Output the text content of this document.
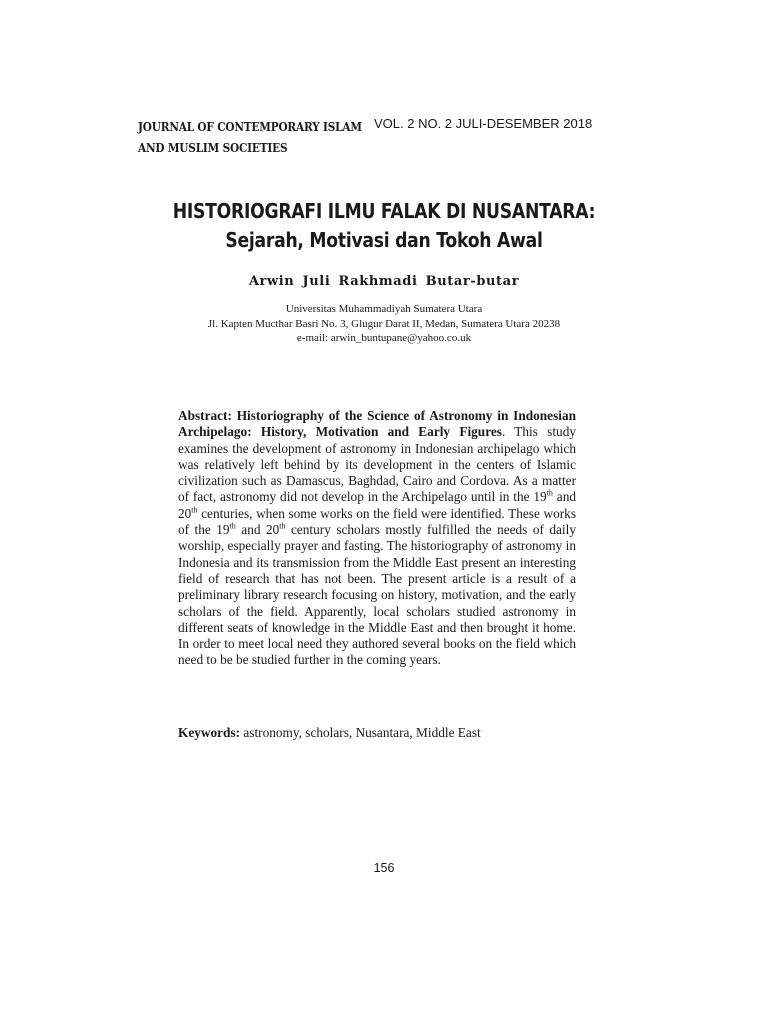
JOURNAL OF CONTEMPORARY ISLAM
AND MUSLIM SOCIETIES
VOL. 2 NO. 2 JULI-DESEMBER 2018
HISTORIOGRAFI ILMU FALAK DI NUSANTARA:
Sejarah, Motivasi dan Tokoh Awal
Arwin Juli Rakhmadi Butar-butar
Universitas Muhammadiyah Sumatera Utara
Jl. Kapten Mucthar Basri No. 3, Glugur Darat II, Medan, Sumatera Utara 20238
e-mail: arwin_buntupane@yahoo.co.uk
Abstract: Historiography of the Science of Astronomy in Indonesian Archipelago: History, Motivation and Early Figures. This study examines the development of astronomy in Indonesian archipelago which was relatively left behind by its development in the centers of Islamic civilization such as Damascus, Baghdad, Cairo and Cordova. As a matter of fact, astronomy did not develop in the Archipelago until in the 19th and 20th centuries, when some works on the field were identified. These works of the 19th and 20th century scholars mostly fulfilled the needs of daily worship, especially prayer and fasting. The historiography of astronomy in Indonesia and its transmission from the Middle East present an interesting field of research that has not been. The present article is a result of a preliminary library research focusing on history, motivation, and the early scholars of the field. Apparently, local scholars studied astronomy in different seats of knowledge in the Middle East and then brought it home. In order to meet local need they authored several books on the field which need to be be studied further in the coming years.
Keywords: astronomy, scholars, Nusantara, Middle East
156
